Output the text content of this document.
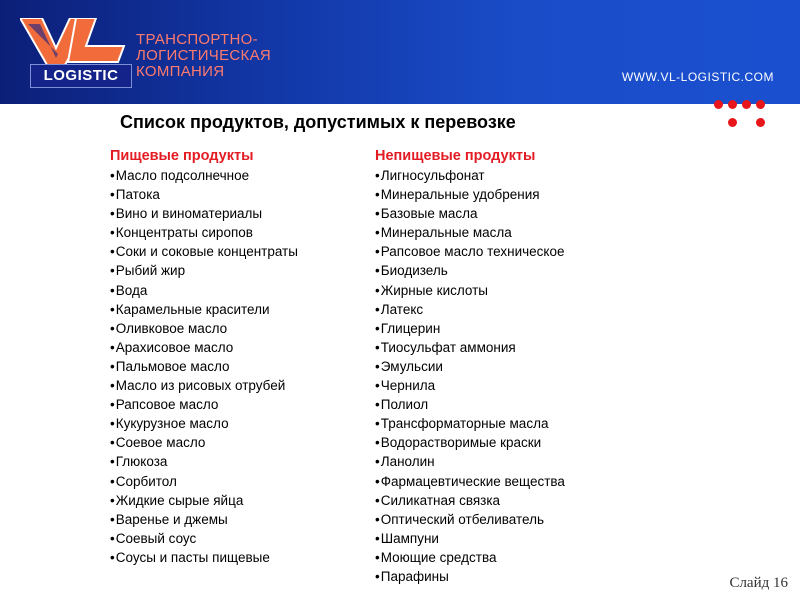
LOGISTIC
ТРАНСПОРТНО-
ЛОГИСТИЧЕСКАЯ
КОМПАНИЯ	WWW.VL-LOGISTIC.COM
Список продуктов, допустимых к перевозке
Пищевые продукты
• Масло подсолнечное
• Патока
• Вино и виноматериалы
• Концентраты сиропов
• Соки и соковые концентраты
• Рыбий жир
• Вода
• Карамельные красители
• Оливковое масло
• Арахисовое масло
• Пальмовое масло
• Масло из рисовых отрубей
• Рапсовое масло
• Кукурузное масло
• Соевое масло
• Глюкоза
• Сорбитол
• Жидкие сырые яйца
• Варенье и джемы
• Соевый соус
• Соусы и пасты пищевые
Непищевые продукты
• Лигносульфонат
• Минеральные удобрения
• Базовые масла
• Минеральные масла
• Рапсовое масло техническое
• Биодизель
• Жирные кислоты
• Латекс
• Глицерин
• Тиосульфат аммония
• Эмульсии
• Чернила
• Полиол
• Трансформаторные масла
• Водорастворимые краски
• Ланолин
• Фармацевтические вещества
• Силикатная связка
• Оптический отбеливатель
• Шампуни
• Моющие средства
• Парафины	Слайд 16
